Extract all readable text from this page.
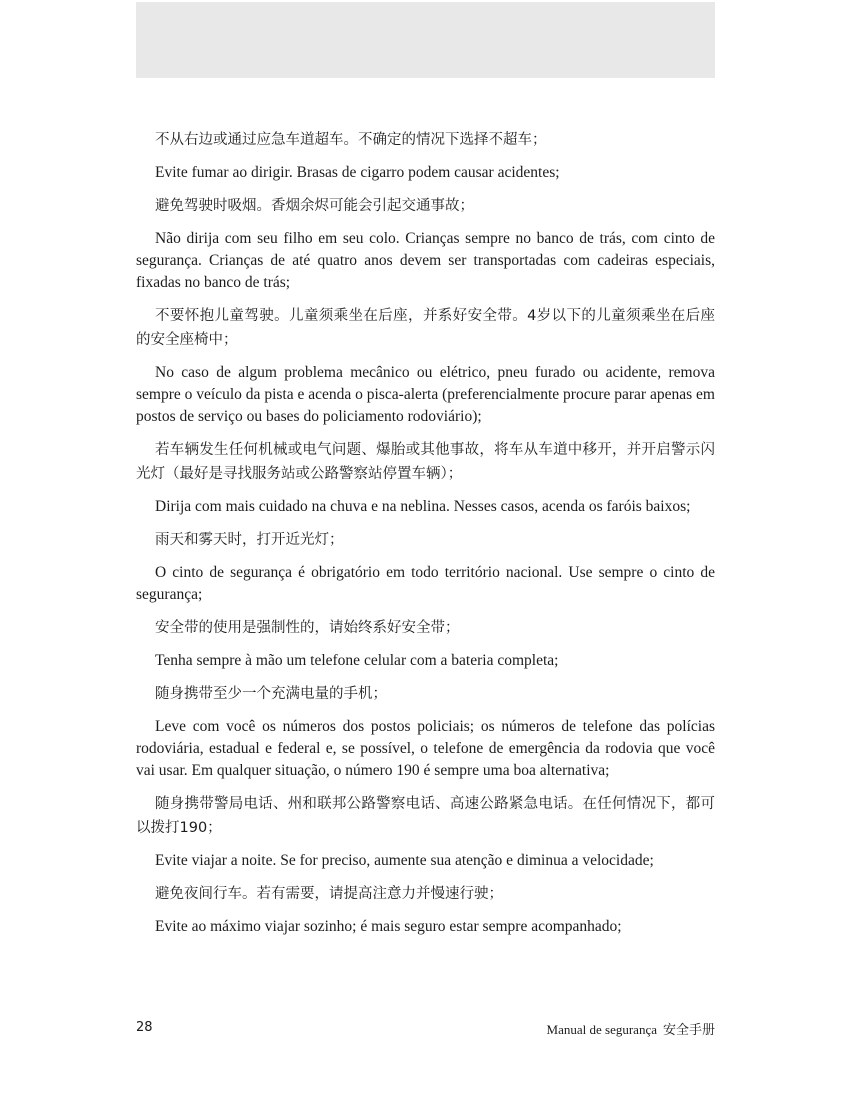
不从右边或通过应急车道超车。不确定的情况下选择不超车；

Evite fumar ao dirigir. Brasas de cigarro podem causar acidentes;

避免驾驶时吸烟。香烟余烬可能会引起交通事故；

Não dirija com seu filho em seu colo. Crianças sempre no banco de trás, com cinto de segurança. Crianças de até quatro anos devem ser transportadas com cadeiras especiais, fixadas no banco de trás;

不要怀抱儿童驾驶。儿童须乘坐在后座，并系好安全带。4岁以下的儿童须乘坐在后座的安全座椅中；

No caso de algum problema mecânico ou elétrico, pneu furado ou acidente, remova sempre o veículo da pista e acenda o pisca-alerta (preferencialmente procure parar apenas em postos de serviço ou bases do policiamento rodoviário);

若车辆发生任何机械或电气问题、爆胎或其他事故，将车从车道中移开，并开启警示闪光灯（最好是寻找服务站或公路警察站停置车辆）；

Dirija com mais cuidado na chuva e na neblina. Nesses casos, acenda os faróis baixos;

雨天和雾天时，打开近光灯；

O cinto de segurança é obrigatório em todo território nacional. Use sempre o cinto de segurança;

安全带的使用是强制性的，请始终系好安全带；

Tenha sempre à mão um telefone celular com a bateria completa;

随身携带至少一个充满电量的手机；

Leve com você os números dos postos policiais; os números de telefone das polícias rodoviária, estadual e federal e, se possível, o telefone de emergência da rodovia que você vai usar. Em qualquer situação, o número 190 é sempre uma boa alternativa;

随身携带警局电话、州和联邦公路警察电话、高速公路紧急电话。在任何情况下，都可以拨打190；

Evite viajar a noite. Se for preciso, aumente sua atenção e diminua a velocidade;

避免夜间行车。若有需要，请提高注意力并慢速行驶；

Evite ao máximo viajar sozinho; é mais seguro estar sempre acompanhado;

28	Manual de segurança 安全手册
